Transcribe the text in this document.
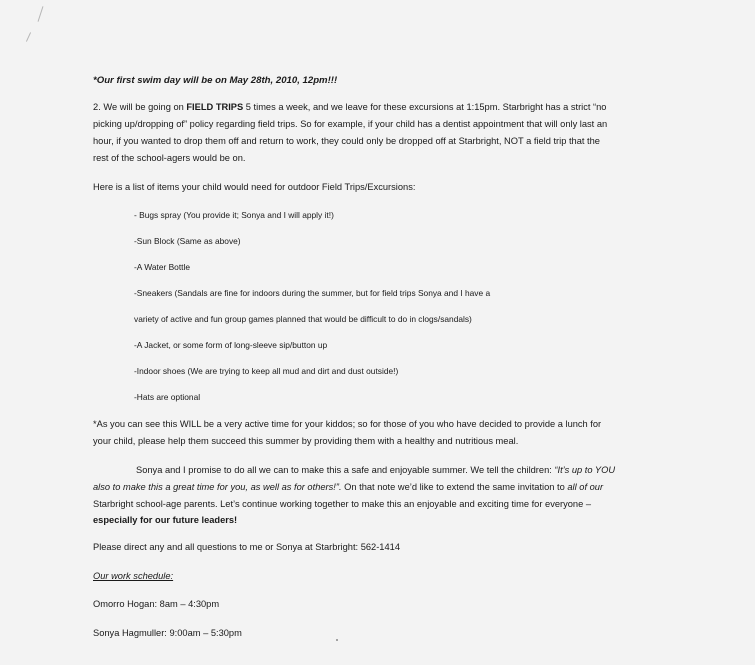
*Our first swim day will be on May 28th, 2010, 12pm!!!
2. We will be going on FIELD TRIPS 5 times a week, and we leave for these excursions at 1:15pm. Starbright has a strict “no
picking up/dropping of” policy regarding field trips. So for example, if your child has a dentist appointment that will only last an
hour, if you wanted to drop them off and return to work, they could only be dropped off at Starbright, NOT a field trip that the
rest of the school-agers would be on.
Here is a list of items your child would need for outdoor Field Trips/Excursions:
- Bugs spray (You provide it; Sonya and I will apply it!)
-Sun Block (Same as above)
-A Water Bottle
-Sneakers (Sandals are fine for indoors during the summer, but for field trips Sonya and I have a
variety of active and fun group games planned that would be difficult to do in clogs/sandals)
-A Jacket, or some form of long-sleeve sip/button up
-Indoor shoes (We are trying to keep all mud and dirt and dust outside!)
-Hats are optional
*As you can see this WILL be a very active time for your kiddos; so for those of you who have decided to provide a lunch for
your child, please help them succeed this summer by providing them with a healthy and nutritious meal.
Sonya and I promise to do all we can to make this a safe and enjoyable summer. We tell the children: “It’s up to YOU
also to make this a great time for you, as well as for others!”. On that note we’d like to extend the same invitation to all of our
Starbright school-age parents. Let’s continue working together to make this an enjoyable and exciting time for everyone –
especially for our future leaders!
Please direct any and all questions to me or Sonya at Starbright: 562-1414
Our work schedule:
Omorro Hogan: 8am – 4:30pm
Sonya Hagmuller: 9:00am – 5:30pm
